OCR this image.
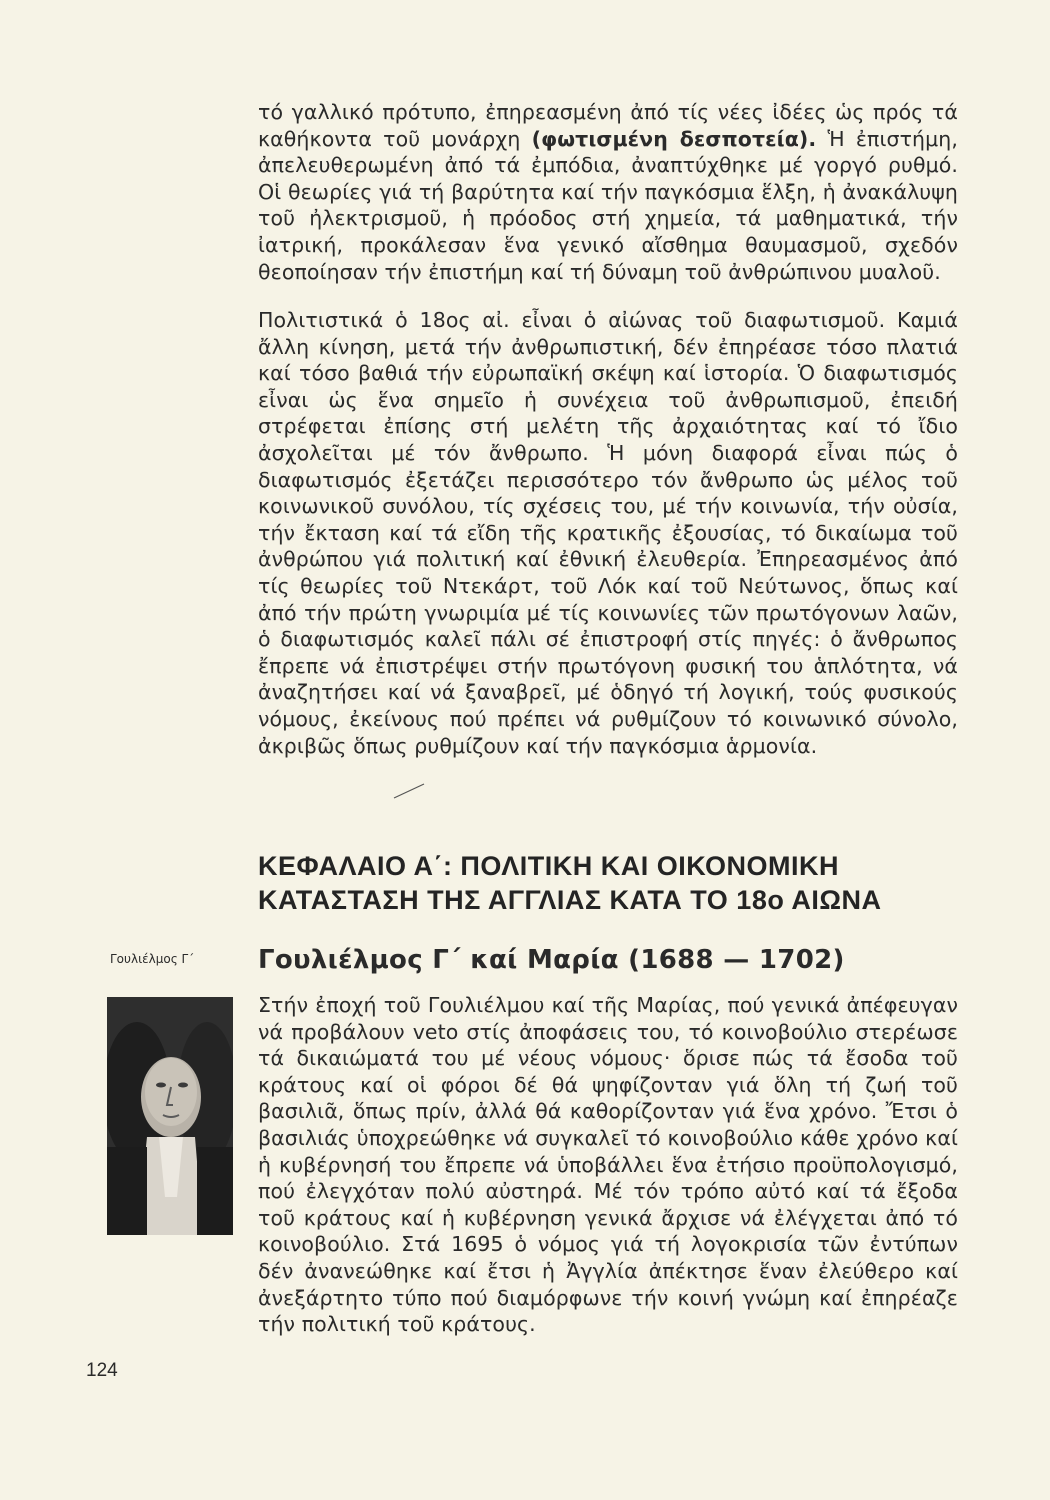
τό γαλλικό πρότυπο, ἐπηρεασμένη ἀπό τίς νέες ἰδέες ὡς πρός τά καθήκοντα τοῦ μονάρχη (φωτισμένη δεσποτεία). Ἡ ἐπιστήμη, ἀπελευθερωμένη ἀπό τά ἐμπόδια, ἀναπτύχθηκε μέ γοργό ρυθμό. Οἱ θεωρίες γιά τή βαρύτητα καί τήν παγκόσμια ἕλξη, ἡ ἀνακάλυψη τοῦ ἠλεκτρισμοῦ, ἡ πρόοδος στή χημεία, τά μαθηματικά, τήν ἰατρική, προκάλεσαν ἕνα γενικό αἴσθημα θαυμασμοῦ, σχεδόν θεοποίησαν τήν ἐπιστήμη καί τή δύναμη τοῦ ἀνθρώπινου μυαλοῦ.

Πολιτιστικά ὁ 18ος αἰ. εἶναι ὁ αἰώνας τοῦ διαφωτισμοῦ. Καμιά ἄλλη κίνηση, μετά τήν ἀνθρωπιστική, δέν ἐπηρέασε τόσο πλατιά καί τόσο βαθιά τήν εὐρωπαϊκή σκέψη καί ἱστορία. Ὁ διαφωτισμός εἶναι ὡς ἕνα σημεῖο ἡ συνέχεια τοῦ ἀνθρωπισμοῦ, ἐπειδή στρέφεται ἐπίσης στή μελέτη τῆς ἀρχαιότητας καί τό ἴδιο ἀσχολεῖται μέ τόν ἄνθρωπο. Ἡ μόνη διαφορά εἶναι πώς ὁ διαφωτισμός ἐξετάζει περισσότερο τόν ἄνθρωπο ὡς μέλος τοῦ κοινωνικοῦ συνόλου, τίς σχέσεις του, μέ τήν κοινωνία, τήν οὐσία, τήν ἔκταση καί τά εἴδη τῆς κρατικῆς ἐξουσίας, τό δικαίωμα τοῦ ἀνθρώπου γιά πολιτική καί ἐθνική ἐλευθερία. Ἐπηρεασμένος ἀπό τίς θεωρίες τοῦ Ντεκάρτ, τοῦ Λόκ καί τοῦ Νεύτωνος, ὅπως καί ἀπό τήν πρώτη γνωριμία μέ τίς κοινωνίες τῶν πρωτόγονων λαῶν, ὁ διαφωτισμός καλεῖ πάλι σέ ἐπιστροφή στίς πηγές: ὁ ἄνθρωπος ἔπρεπε νά ἐπιστρέψει στήν πρωτόγονη φυσική του ἁπλότητα, νά ἀναζητήσει καί νά ξαναβρεῖ, μέ ὁδηγό τή λογική, τούς φυσικούς νόμους, ἐκείνους πού πρέπει νά ρυθμίζουν τό κοινωνικό σύνολο, ἀκριβῶς ὅπως ρυθμίζουν καί τήν παγκόσμια ἁρμονία.

ΚΕΦΑΛΑΙΟ Α΄: ΠΟΛΙΤΙΚΗ ΚΑΙ ΟΙΚΟΝΟΜΙΚΗ

ΚΑΤΑΣΤΑΣΗ ΤΗΣ ΑΓΓΛΙΑΣ ΚΑΤΑ ΤΟ 18ο ΑΙΩΝΑ

Γουλιέλμος Γ΄ Γουλιέλμος Γ΄ καί Μαρία (1688 — 1702)

Στήν ἐποχή τοῦ Γουλιέλμου καί τῆς Μαρίας, πού γενικά ἀπέφευγαν νά προβάλουν veto στίς ἀποφάσεις του, τό κοινοβούλιο στερέωσε τά δικαιώματά του μέ νέους νόμους· ὅρισε πώς τά ἔσοδα τοῦ κράτους καί οἱ φόροι δέ θά ψηφίζονταν γιά ὅλη τή ζωή τοῦ βασιλιᾶ, ὅπως πρίν, ἀλλά θά καθορίζονταν γιά ἕνα χρόνο. Ἔτσι ὁ βασιλιάς ὑποχρεώθηκε νά συγκαλεῖ τό κοινοβούλιο κάθε χρόνο καί ἡ κυβέρνησή του ἔπρεπε νά ὑποβάλλει ἕνα ἐτήσιο προϋπολογισμό, πού ἐλεγχόταν πολύ αὐστηρά. Μέ τόν τρόπο αὐτό καί τά ἔξοδα τοῦ κράτους καί ἡ κυβέρνηση γενικά ἄρχισε νά ἐλέγχεται ἀπό τό κοινοβούλιο. Στά 1695 ὁ νόμος γιά τή λογοκρισία τῶν ἐντύπων δέν ἀνανεώθηκε καί ἔτσι ἡ Ἀγγλία ἀπέκτησε ἕναν ἐλεύθερο καί ἀνεξάρτητο τύπο πού διαμόρφωνε τήν κοινή γνώμη καί ἐπηρέαζε τήν πολιτική τοῦ κράτους.

124
